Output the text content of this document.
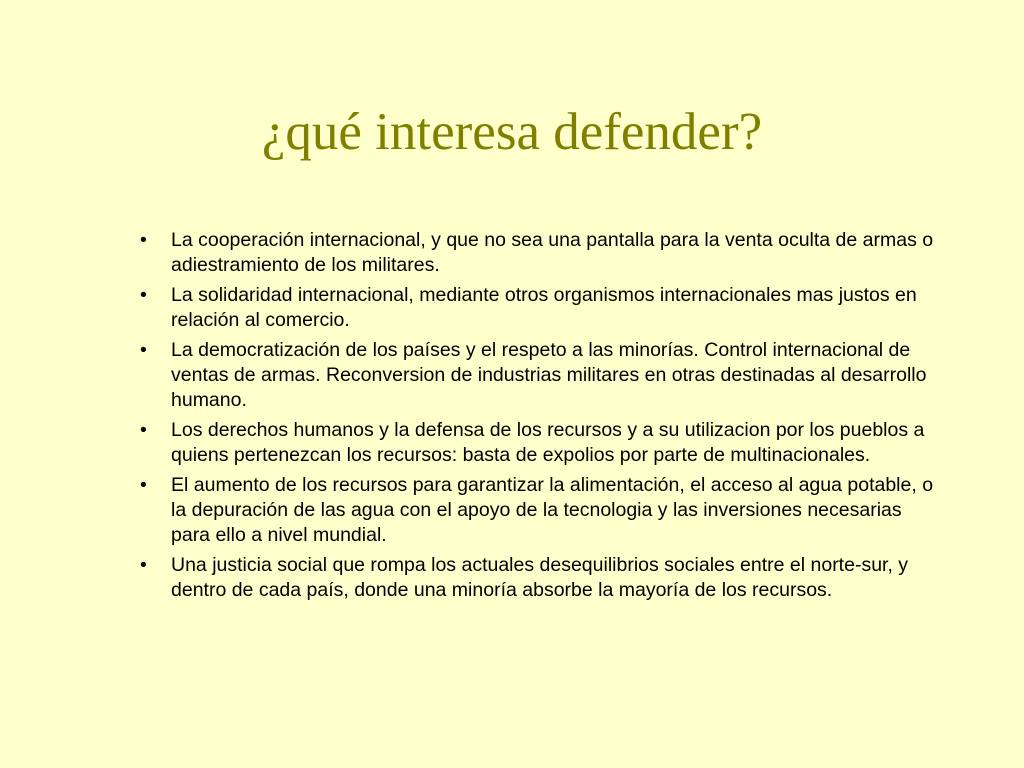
¿qué interesa defender?
• La cooperación internacional, y que no sea una pantalla para la venta oculta de armas o adiestramiento de los militares.
• La solidaridad internacional, mediante otros organismos internacionales mas justos en relación al comercio.
• La democratización de los países y el respeto a las minorías. Control internacional de ventas de armas. Reconversion de industrias militares en otras destinadas al desarrollo humano.
• Los derechos humanos y la defensa de los recursos y a su utilizacion por los pueblos a quiens pertenezcan los recursos: basta de expolios por parte de multinacionales.
• El aumento de los recursos para garantizar la alimentación, el acceso al agua potable, o la depuración de las agua con el apoyo de la tecnologia y las inversiones necesarias para ello a nivel mundial.
• Una justicia social que rompa los actuales desequilibrios sociales entre el norte-sur, y dentro de cada país, donde una minoría absorbe la mayoría de los recursos.
